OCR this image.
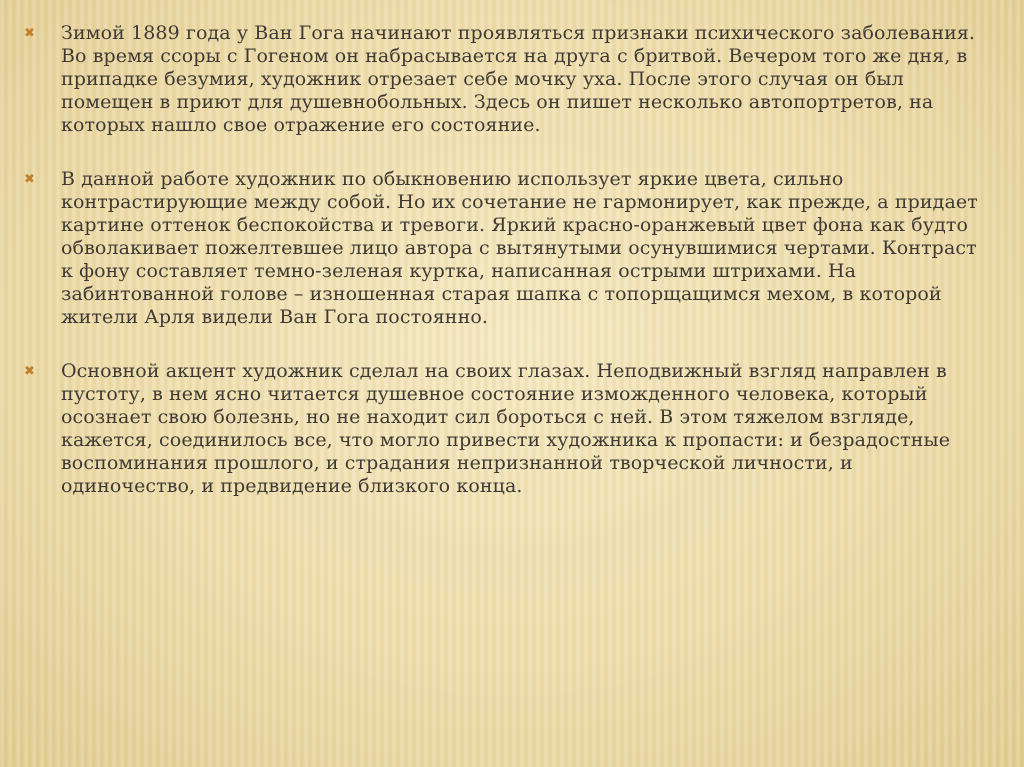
✖ Зимой 1889 года у Ван Гога начинают проявляться признаки психического заболевания. Во время ссоры с Гогеном он набрасывается на друга с бритвой. Вечером того же дня, в припадке безумия, художник отрезает себе мочку уха. После этого случая он был помещен в приют для душевнобольных. Здесь он пишет несколько автопортретов, на которых нашло свое отражение его состояние.
✖ В данной работе художник по обыкновению использует яркие цвета, сильно контрастирующие между собой. Но их сочетание не гармонирует, как прежде, а придает картине оттенок беспокойства и тревоги. Яркий красно-оранжевый цвет фона как будто обволакивает пожелтевшее лицо автора с вытянутыми осунувшимися чертами. Контраст к фону составляет темно-зеленая куртка, написанная острыми штрихами. На забинтованной голове – изношенная старая шапка с топорщащимся мехом, в которой жители Арля видели Ван Гога постоянно.
✖ Основной акцент художник сделал на своих глазах. Неподвижный взгляд направлен в пустоту, в нем ясно читается душевное состояние изможденного человека, который осознает свою болезнь, но не находит сил бороться с ней. В этом тяжелом взгляде, кажется, соединилось все, что могло привести художника к пропасти: и безрадостные воспоминания прошлого, и страдания непризнанной творческой личности, и одиночество, и предвидение близкого конца.
